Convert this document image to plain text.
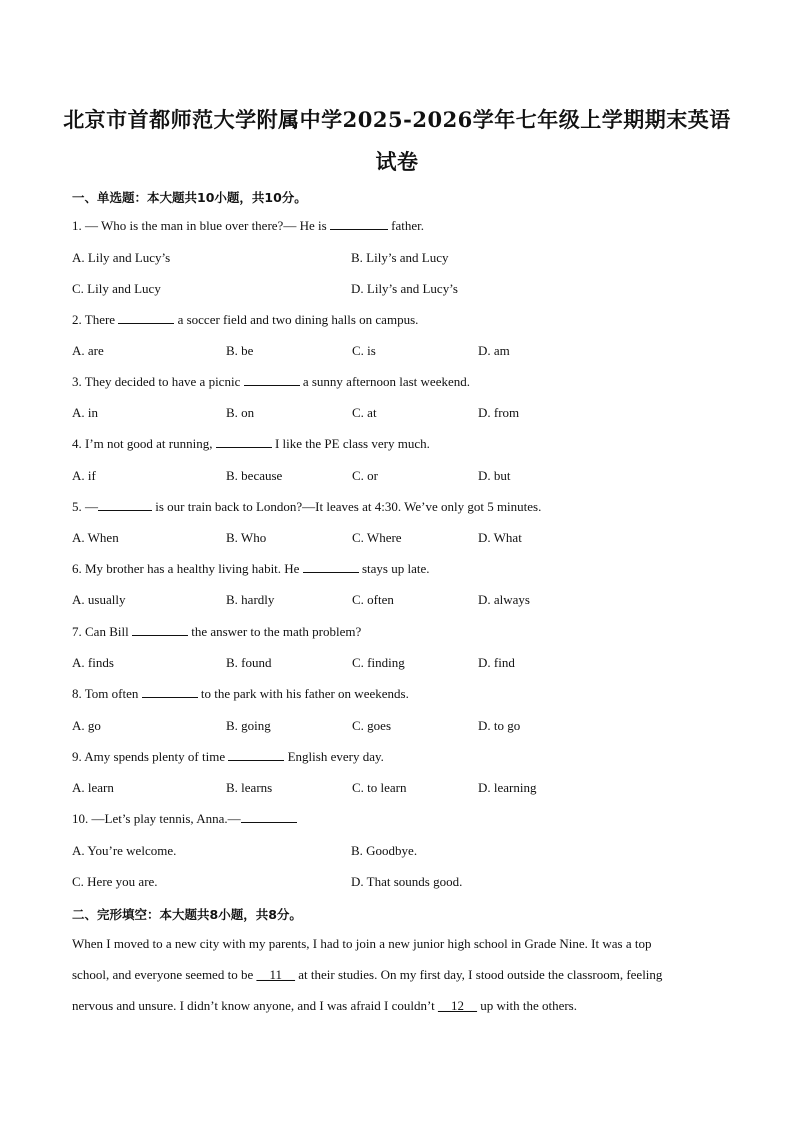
北京市首都师范大学附属中学2025-2026学年七年级上学期期末英语
试卷
一、单选题：本大题共10小题，共10分。
1. — Who is the man in blue over there?— He is	father.
A. Lily and Lucy’s	B. Lily’s and Lucy
C. Lily and Lucy	D. Lily’s and Lucy’s
2. There	a soccer field and two dining halls on campus.
A. are	B. be	C. is	D. am
3. They decided to have a picnic	a sunny afternoon last weekend.
A. in	B. on	C. at	D. from
4. I’m not good at running,	I like the PE class very much.
A. if	B. because	C. or	D. but
5. —	is our train back to London?—It leaves at 4:30. We’ve only got 5 minutes.
A. When	B. Who	C. Where	D. What
6. My brother has a healthy living habit. He	stays up late.
A. usually	B. hardly	C. often	D. always
7. Can Bill	the answer to the math problem?
A. finds	B. found	C. finding	D. find
8. Tom often	to the park with his father on weekends.
A. go	B. going	C. goes	D. to go
9. Amy spends plenty of time	English every day.
A. learn	B. learns	C. to learn	D. learning
10. —Let’s play tennis, Anna.—
A. You’re welcome.	B. Goodbye.
C. Here you are.	D. That sounds good.
二、完形填空：本大题共8小题，共8分。
When I moved to a new city with my parents, I had to join a new junior high school in Grade Nine. It was a top
school, and everyone seemed to be __11__ at their studies. On my first day, I stood outside the classroom, feeling
nervous and unsure. I didn’t know anyone, and I was afraid I couldn’t __12__ up with the others.
